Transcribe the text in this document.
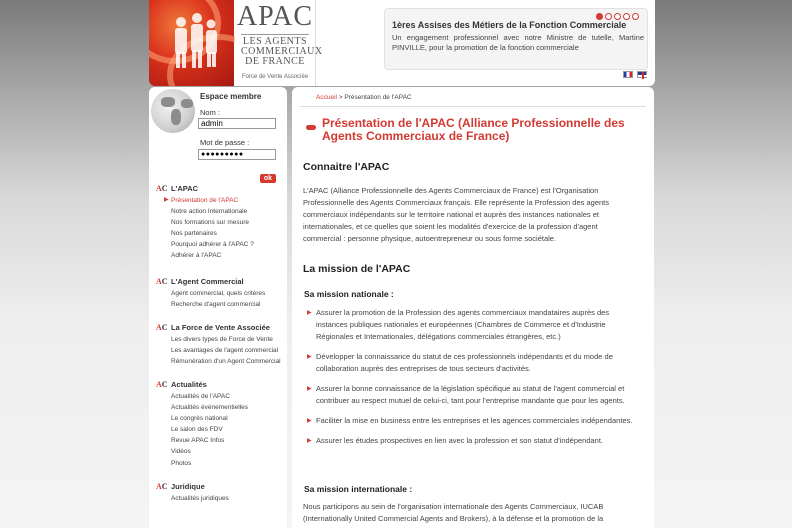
APAC
LES AGENTS
COMMERCIAUX
DE FRANCE
Force de Vente Associée
1ères Assises des Métiers de la Fonction Commerciale

Un engagement professionnel avec notre Ministre de tutelle, Martine PINVILLE, pour la promotion de la fonction commerciale

Espace membre
Nom :
admin
Mot de passe :
●●●●●●●●●
ok
AC L'APAC
▶ Présentation de l'APAC
Notre action Internationale
Nos formations sur mesure
Nos partenaires
Pourquoi adhérer à l'APAC ?
Adhérer à l'APAC
AC L'Agent Commercial
Agent commercial, quels critères
Recherche d'agent commercial
AC La Force de Vente Associée
Les divers types de Force de Vente
Les avantages de l'agent commercial
Rémunération d'un Agent Commercial
AC Actualités
Actualités de l'APAC
Actualités événementielles
Le congrès national
Le salon des FDV
Revue APAC Infos
Vidéos
Photos
AC Juridique
Actualités juridiques
Accueil > Présentation de l'APAC
Présentation de l'APAC (Alliance Professionnelle des Agents Commerciaux de France)
Connaitre l'APAC

L'APAC (Alliance Professionnelle des Agents Commerciaux de France) est l'Organisation Professionnelle des Agents Commerciaux français. Elle représente la Profession des agents commerciaux indépendants sur le territoire national et auprès des instances nationales et internationales, et ce quelles que soient les modalités d'exercice de la profession d'agent commercial : personne physique, autoentrepreneur ou sous forme sociétale.

La mission de l'APAC
Sa mission nationale :
▶ Assurer la promotion de la Profession des agents commerciaux mandataires auprès des instances publiques nationales et européennes (Chambres de Commerce et d'Industrie Régionales et Internationales, délégations commerciales étrangères, etc.)
▶ Développer la connaissance du statut de ces professionnels indépendants et du mode de collaboration auprès des entreprises de tous secteurs d'activités.
▶ Assurer la bonne connaissance de la législation spécifique au statut de l'agent commercial et contribuer au respect mutuel de celui-ci, tant pour l'entreprise mandante que pour les agents.
▶ Faciliter la mise en business entre les entreprises et les agences commerciales indépendantes.
▶ Assurer les études prospectives en lien avec la profession et son statut d'indépendant.
Sa mission internationale :

Nous participons au sein de l'organisation internationale des Agents Commerciaux, IUCAB (Internationally United Commercial Agents and Brokers), à la défense et la promotion de la
